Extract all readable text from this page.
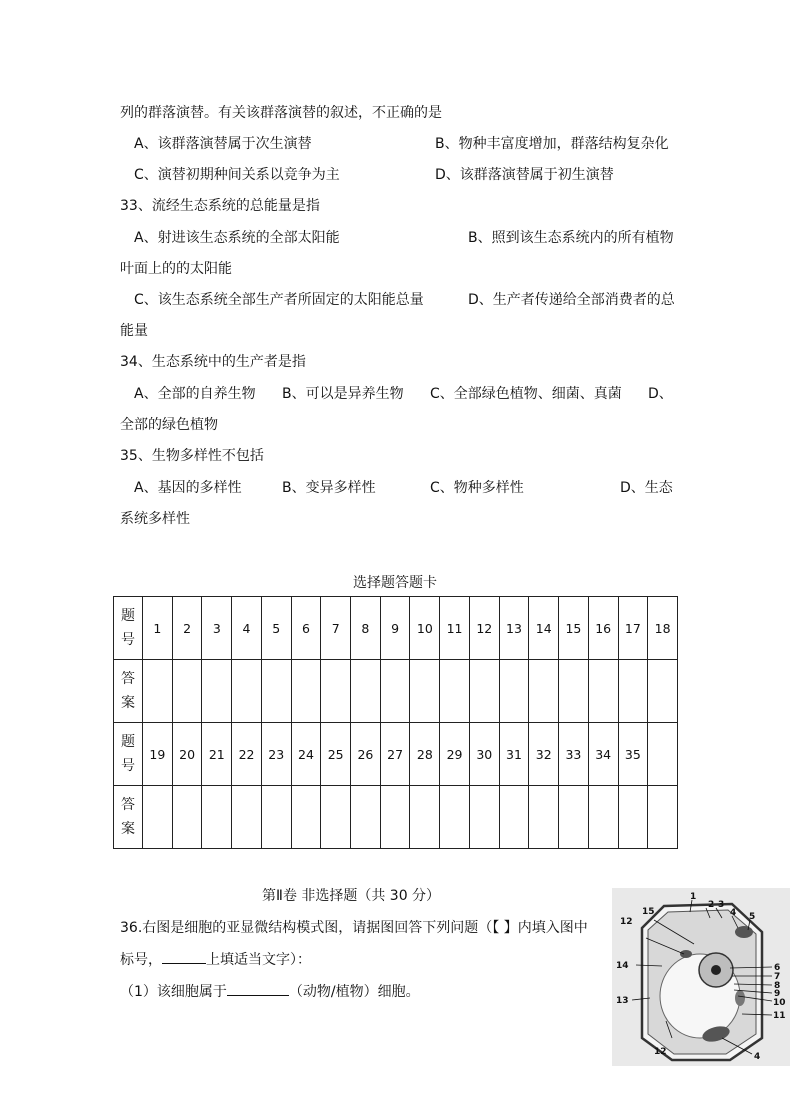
列的群落演替。有关该群落演替的叙述，不正确的是
A、该群落演替属于次生演替	B、物种丰富度增加，群落结构复杂化
C、演替初期种间关系以竞争为主	D、该群落演替属于初生演替
33、流经生态系统的总能量是指
A、射进该生态系统的全部太阳能	B、照到该生态系统内的所有植物
叶面上的的太阳能
C、该生态系统全部生产者所固定的太阳能总量	D、生产者传递给全部消费者的总
能量
34、生态系统中的生产者是指
A、全部的自养生物 B、可以是异养生物 C、全部绿色植物、细菌、真菌 D、
全部的绿色植物
35、生物多样性不包括
A、基因的多样性	B、变异多样性	C、物种多样性	D、生态
系统多样性
选择题答题卡
题
号	1	2	3	4	5	6	7	8	9	10	11	12	13	14	15	16	17	18
答
案																		
题
号	19	20	21	22	23	24	25	26	27	28	29	30	31	32	33	34	35	
答
案																		
第Ⅱ卷 非选择题（共 30 分）
36.右图是细胞的亚显微结构模式图，请据图回答下列问题（【 】内填入图中
标号，	上填适当文字）：
（1）该细胞属于	（动物/植物）细胞。
1
2 3
4 5
6
7
8
9
10
11
12
13
14
15
12	4
